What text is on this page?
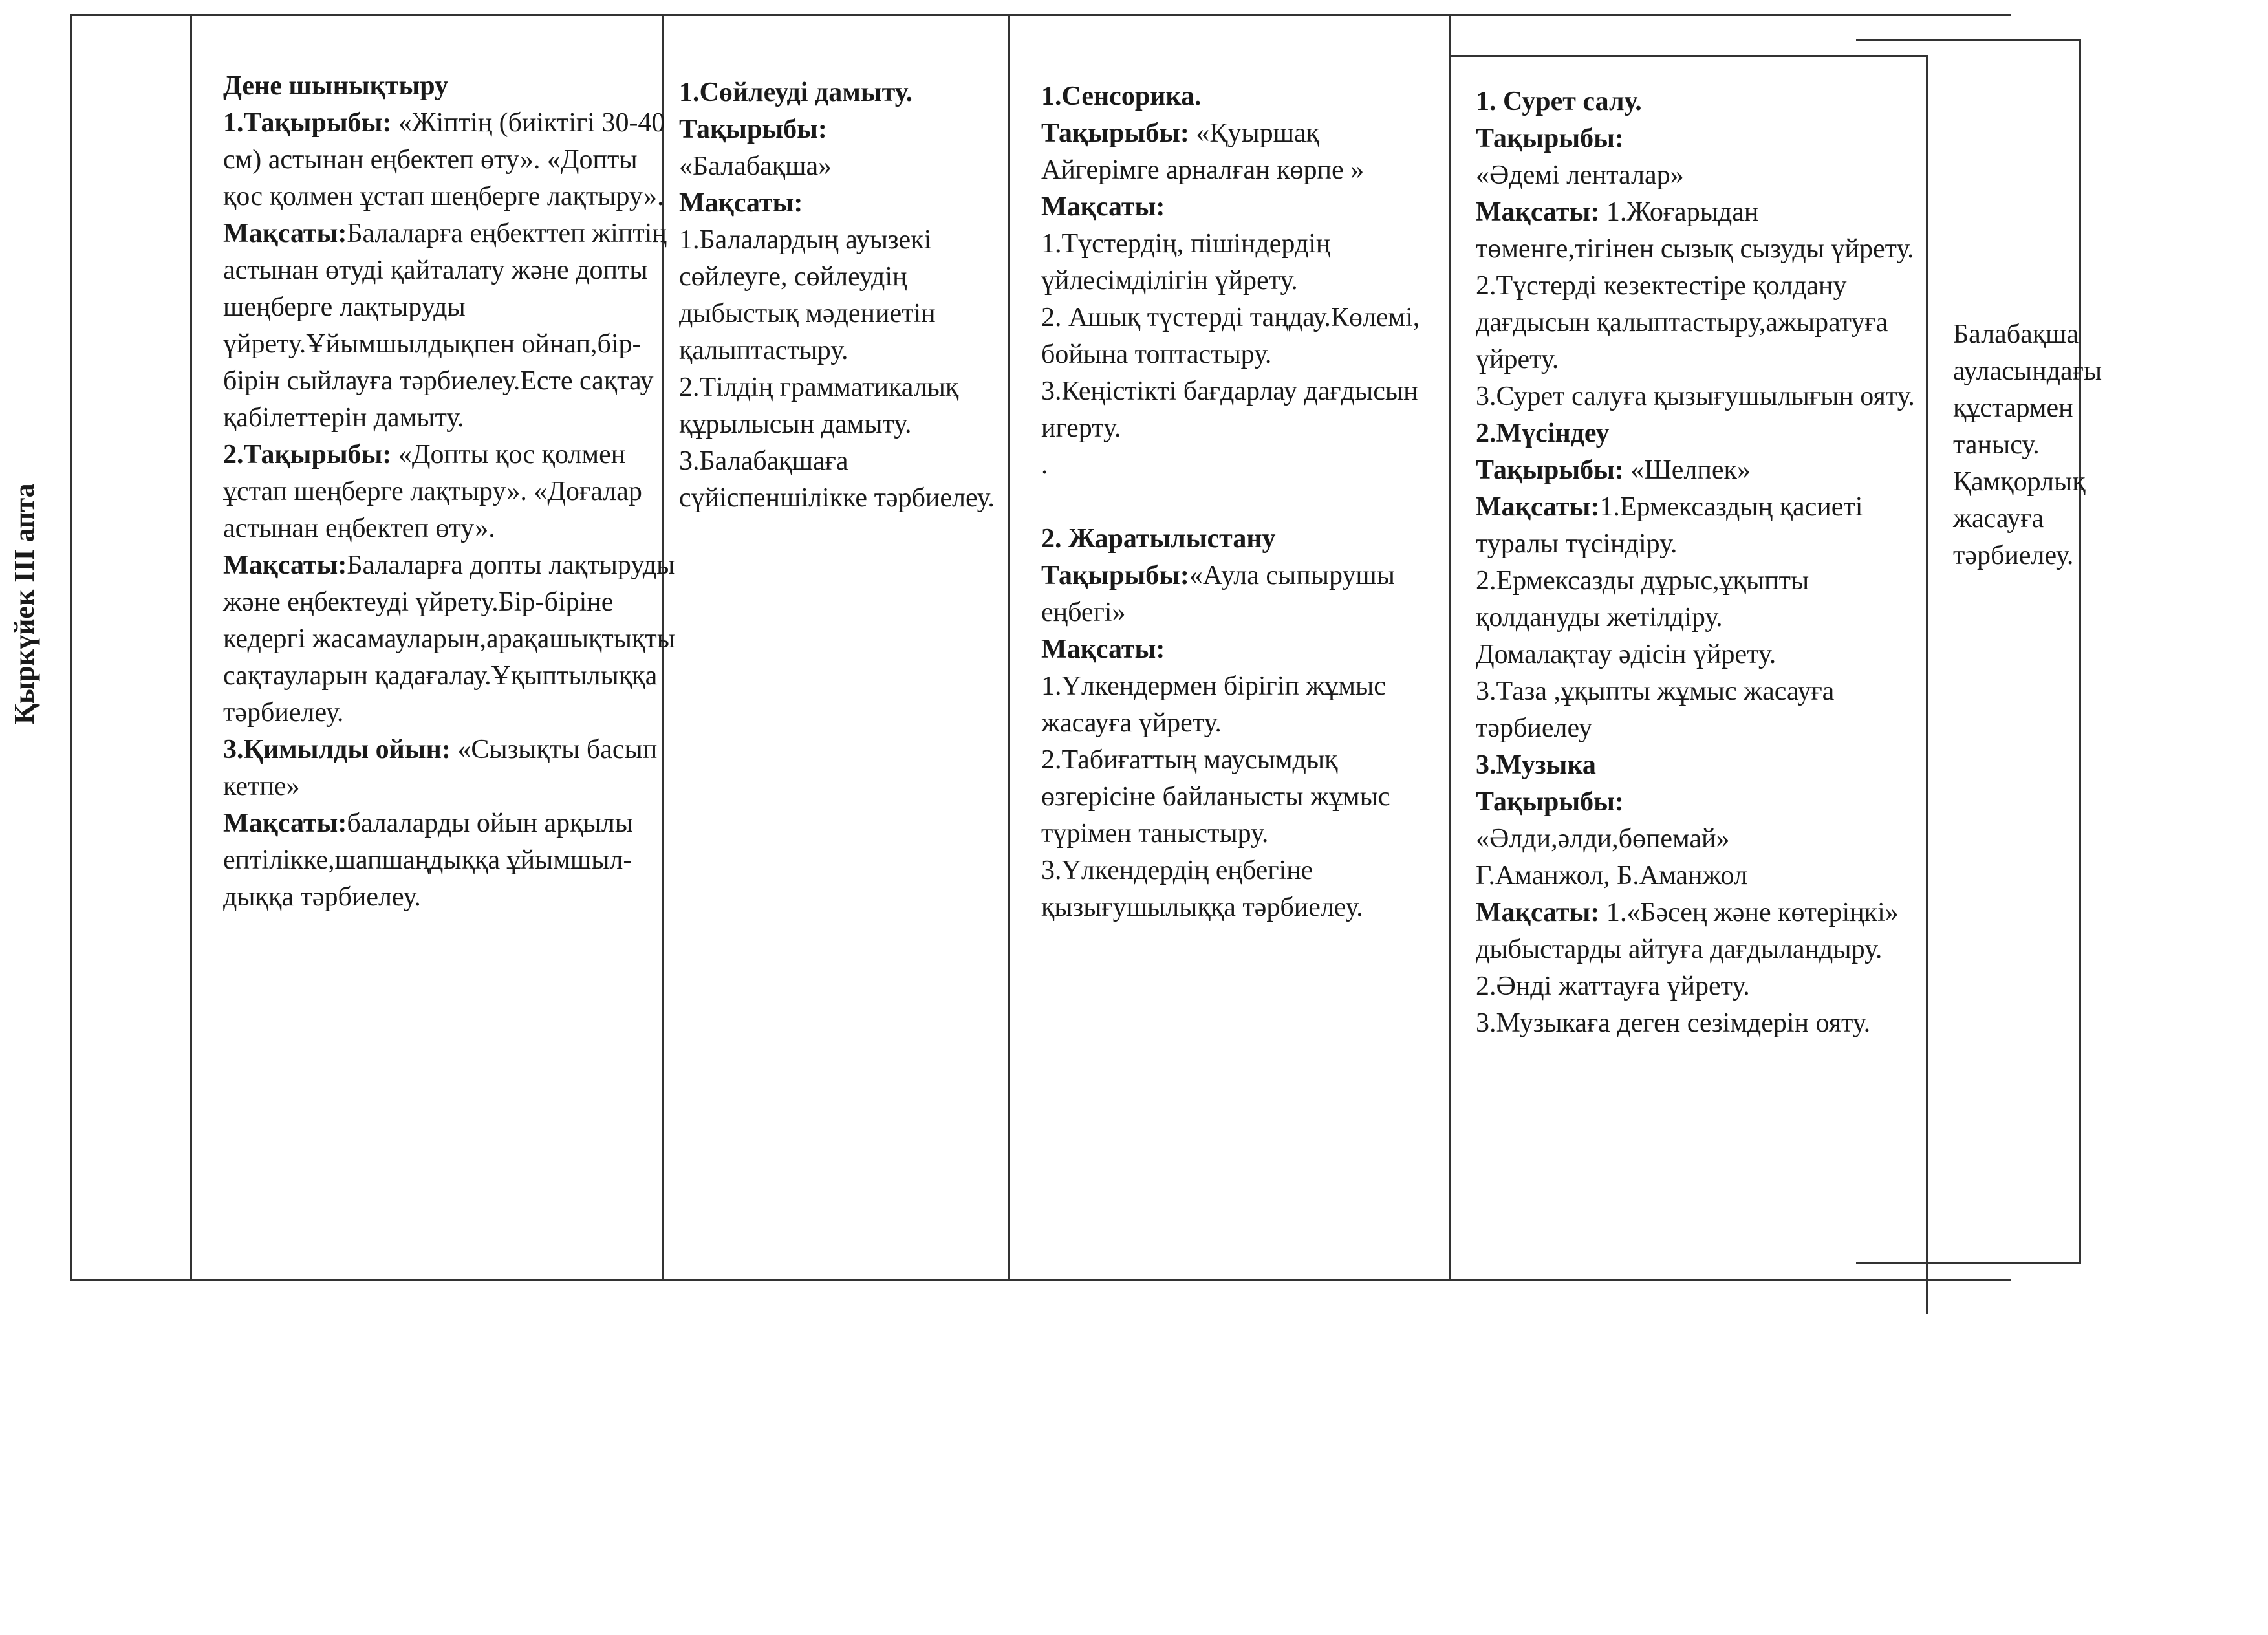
Қыркүйек ІІІ апта

Дене шынықтыру
1.Тақырыбы: «Жіптің (биіктігі 30-40 см) астынан еңбектеп өту». «Допты қос қолмен ұстап шеңберге лақтыру».
Мақсаты:Балаларға еңбекттеп жіптің астынан өтуді қайталату және допты шеңберге лақтыруды үйрету.Ұйымшылдықпен ойнап,бір-бірін сыйлауға тәрбиелеу.Есте сақтау қабілеттерін дамыту.
2.Тақырыбы: «Допты қос қолмен ұстап шеңберге лақтыру». «Доғалар астынан еңбектеп өту».
Мақсаты:Балаларға допты лақтыруды және еңбектеуді үйрету.Бір-біріне кедергі жасамауларын,арақашықтықты сақтауларын қадағалау.Ұқыптылыққа тәрбиелеу.
3.Қимылды ойын: «Сызықты басып кетпе»
Мақсаты:балаларды ойын арқылы ептілікке,шапшаңдыққа ұйымшыл-дыққа тәрбиелеу.

1.Сөйлеуді дамыту.
Тақырыбы:
«Балабақша»
Мақсаты:
1.Балалардың ауызекі сөйлеуге, сөйлеудің дыбыстық мәдениетін қалыптастыру.
2.Тілдің грамматикалық құрылысын дамыту.
3.Балабақшаға сүйіспеншілікке тәрбиелеу.

1.Сенсорика.
Тақырыбы: «Қуыршақ Айгерімге арналған көрпе »
Мақсаты:
1.Түстердің, пішіндердің үйлесімділігін үйрету.
2. Ашық түстерді таңдау.Көлемі, бойына топтастыру.
3.Кеңістікті бағдарлау дағдысын игерту.
.

2. Жаратылыстану
Тақырыбы:«Аула сыпырушы еңбегі»
Мақсаты:
1.Үлкендермен бірігіп жұмыс жасауға үйрету.
2.Табиғаттың маусымдық өзгерісіне байланысты жұмыс түрімен таныстыру.
3.Үлкендердің еңбегіне қызығушылыққа тәрбиелеу.

1. Сурет салу.
Тақырыбы:
«Әдемі ленталар»
Мақсаты: 1.Жоғарыдан төменге,тігінен сызық сызуды үйрету.
2.Түстерді кезектестіре қолдану дағдысын қалыптастыру,ажыратуға үйрету.
3.Сурет салуға қызығушылығын ояту.
2.Мүсіндеу
Тақырыбы: «Шелпек»
Мақсаты:1.Ермексаздың қасиеті туралы түсіндіру.
2.Ермексазды дұрыс,ұқыпты қолдануды жетілдіру.
Домалақтау әдісін үйрету.
3.Таза ,ұқыпты жұмыс жасауға тәрбиелеу
3.Музыка
Тақырыбы:
«Әлди,әлди,бөпемай»
Г.Аманжол, Б.Аманжол
Мақсаты: 1.«Бәсең және көтеріңкі» дыбыстарды айтуға дағдыландыру.
2.Әнді жаттауға үйрету.
3.Музыкаға деген сезімдерін ояту.

Балабақша ауласындағы құстармен танысу. Қамқорлық жасауға тәрбиелеу.
